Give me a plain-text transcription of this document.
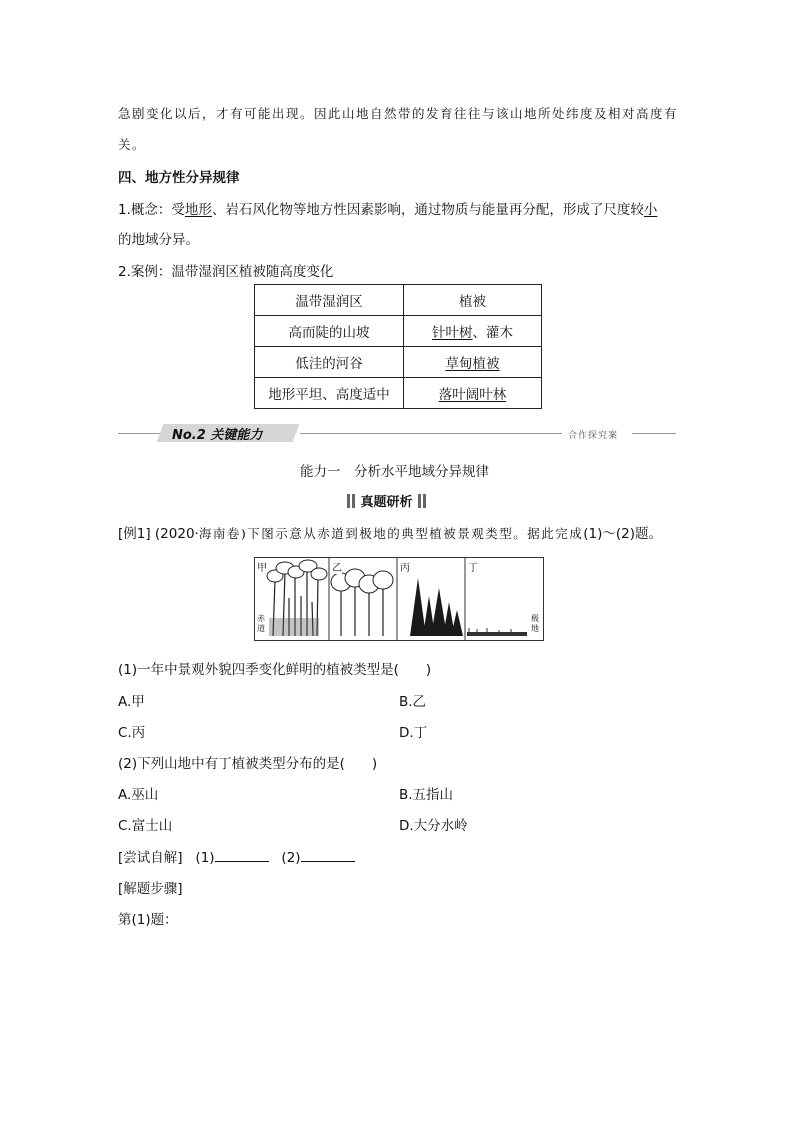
急剧变化以后，才有可能出现。因此山地自然带的发育往往与该山地所处纬度及相对高度有
关。
四、地方性分异规律
1.概念：受地形、岩石风化物等地方性因素影响，通过物质与能量再分配，形成了尺度较小
的地域分异。
2.案例：温带湿润区植被随高度变化
温带湿润区	植被
高而陡的山坡	针叶树、灌木
低洼的河谷	草甸植被
地形平坦、高度适中	落叶阔叶林
No.2 关键能力	合作探究案
能力一　分析水平地域分异规律
真题研析
[例1] (2020·海南卷)下图示意从赤道到极地的典型植被景观类型。据此完成(1)～(2)题。
甲	乙	丙	丁
赤道
极地
(1)一年中景观外貌四季变化鲜明的植被类型是(　　)
A.甲	B.乙
C.丙	D.丁
(2)下列山地中有丁植被类型分布的是(　　)
A.巫山	B.五指山
C.富士山	D.大分水岭
[尝试自解] (1)	(2)
[解题步骤]
第(1)题：
